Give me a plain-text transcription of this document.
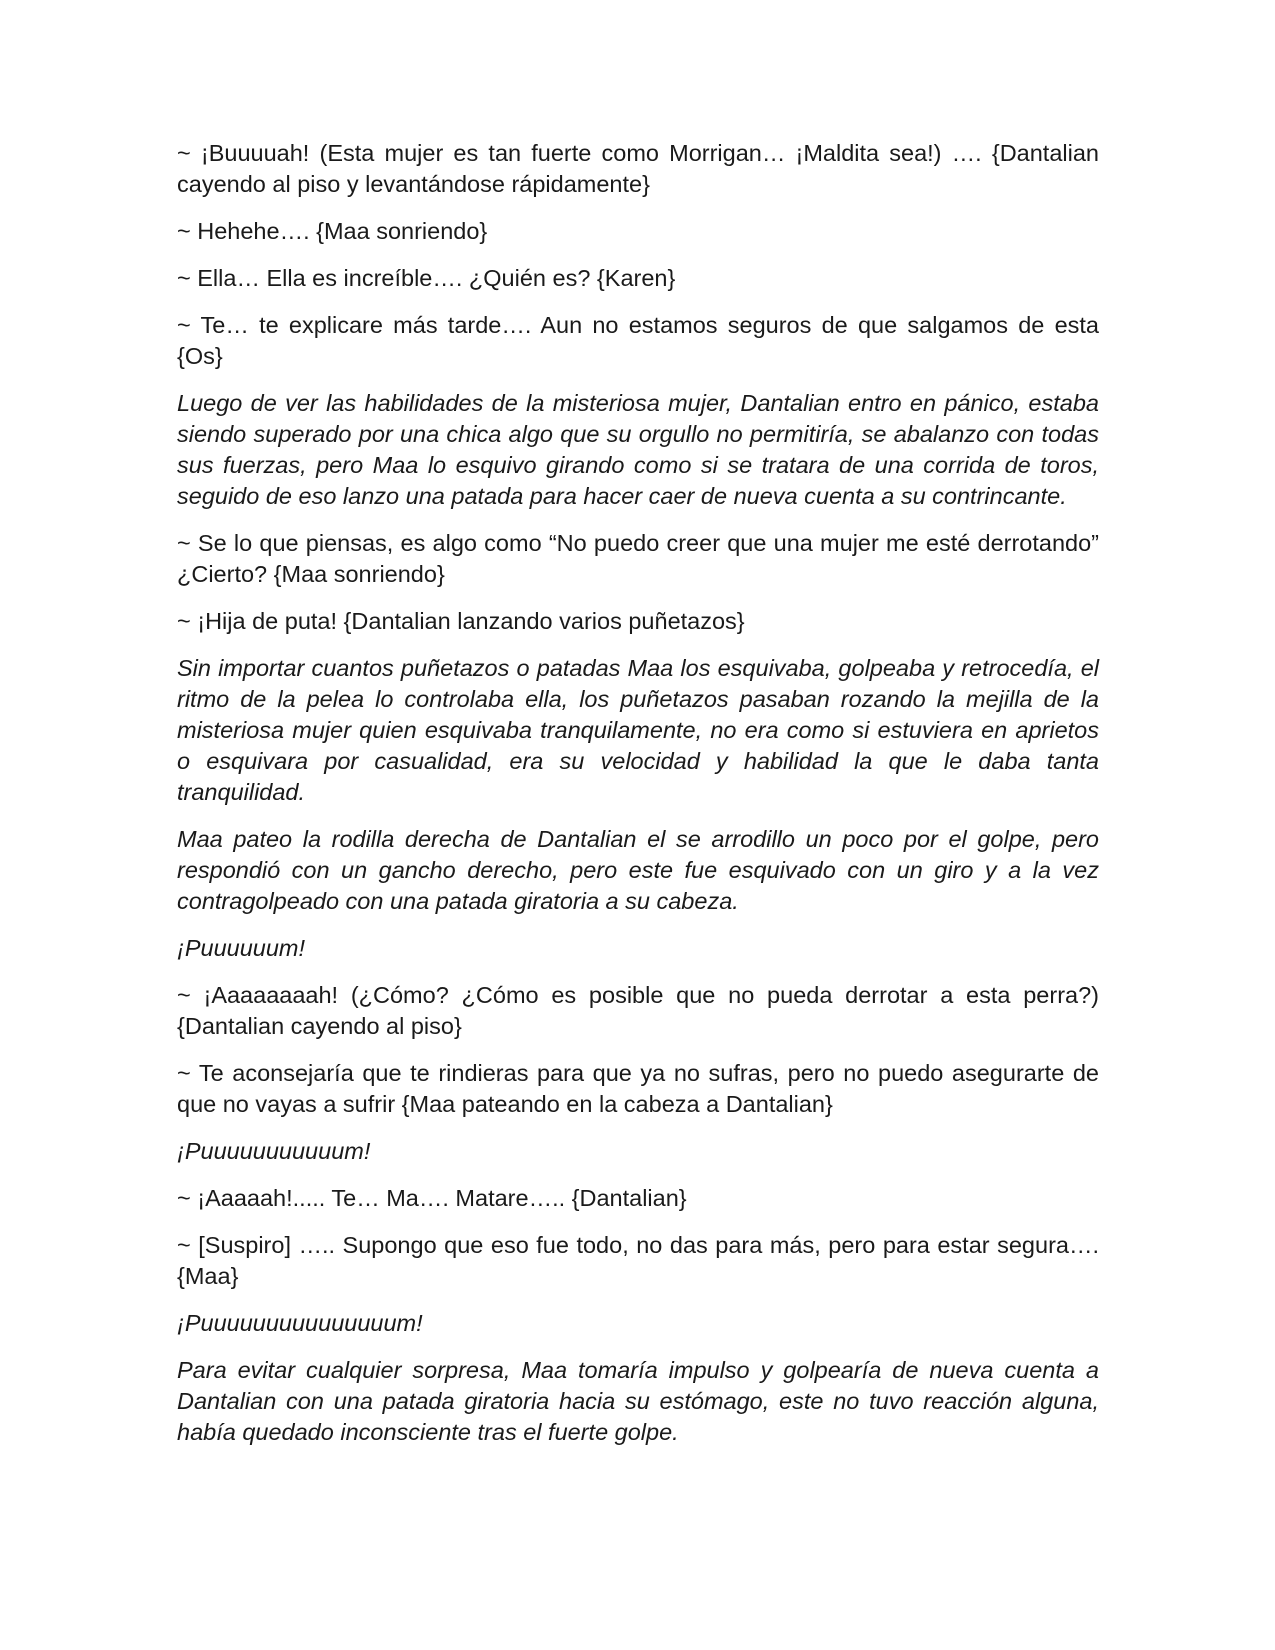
~ ¡Buuuuah! (Esta mujer es tan fuerte como Morrigan… ¡Maldita sea!) …. {Dantalian cayendo al piso y levantándose rápidamente}

~ Hehehe…. {Maa sonriendo}

~ Ella… Ella es increíble…. ¿Quién es? {Karen}

~ Te… te explicare más tarde…. Aun no estamos seguros de que salgamos de esta {Os}

Luego de ver las habilidades de la misteriosa mujer, Dantalian entro en pánico, estaba siendo superado por una chica algo que su orgullo no permitiría, se abalanzo con todas sus fuerzas, pero Maa lo esquivo girando como si se tratara de una corrida de toros, seguido de eso lanzo una patada para hacer caer de nueva cuenta a su contrincante.

~ Se lo que piensas, es algo como “No puedo creer que una mujer me esté derrotando” ¿Cierto? {Maa sonriendo}

~ ¡Hija de puta! {Dantalian lanzando varios puñetazos}

Sin importar cuantos puñetazos o patadas Maa los esquivaba, golpeaba y retrocedía, el ritmo de la pelea lo controlaba ella, los puñetazos pasaban rozando la mejilla de la misteriosa mujer quien esquivaba tranquilamente, no era como si estuviera en aprietos o esquivara por casualidad, era su velocidad y habilidad la que le daba tanta tranquilidad.

Maa pateo la rodilla derecha de Dantalian el se arrodillo un poco por el golpe, pero respondió con un gancho derecho, pero este fue esquivado con un giro y a la vez contragolpeado con una patada giratoria a su cabeza.

¡Puuuuuum!

~ ¡Aaaaaaaah! (¿Cómo? ¿Cómo es posible que no pueda derrotar a esta perra?) {Dantalian cayendo al piso}

~ Te aconsejaría que te rindieras para que ya no sufras, pero no puedo asegurarte de que no vayas a sufrir {Maa pateando en la cabeza a Dantalian}

¡Puuuuuuuuuuum!

~ ¡Aaaaah!..... Te… Ma…. Matare….. {Dantalian}

~ [Suspiro] ….. Supongo que eso fue todo, no das para más, pero para estar segura…. {Maa}

¡Puuuuuuuuuuuuuuum!

Para evitar cualquier sorpresa, Maa tomaría impulso y golpearía de nueva cuenta a Dantalian con una patada giratoria hacia su estómago, este no tuvo reacción alguna, había quedado inconsciente tras el fuerte golpe.
